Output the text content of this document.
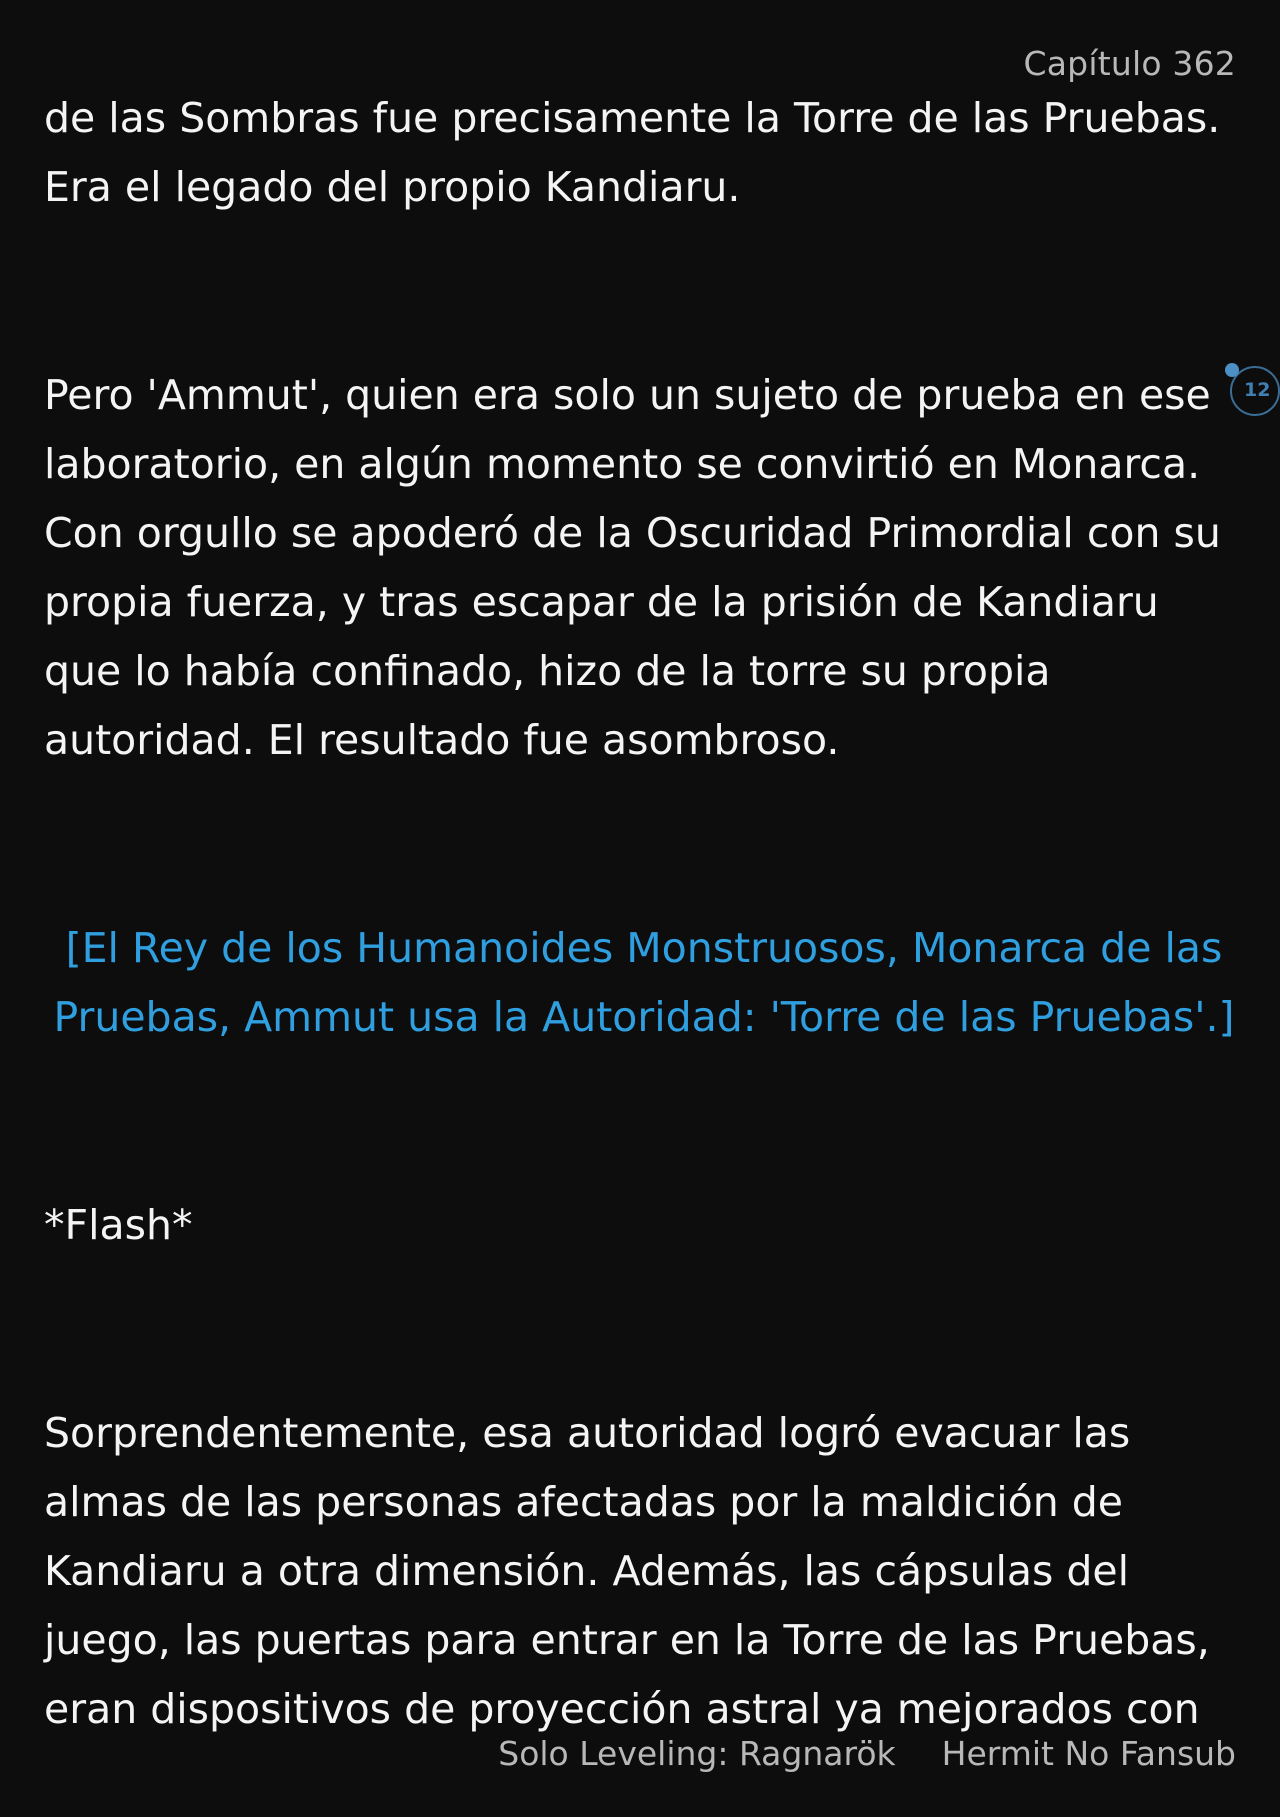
Capítulo 362

de las Sombras fue precisamente la Torre de las Pruebas. Era el legado del propio Kandiaru.

Pero 'Ammut', quien era solo un sujeto de prueba en ese laboratorio, en algún momento se convirtió en Monarca. Con orgullo se apoderó de la Oscuridad Primordial con su propia fuerza, y tras escapar de la prisión de Kandiaru que lo había confinado, hizo de la torre su propia autoridad. El resultado fue asombroso.

[El Rey de los Humanoides Monstruosos, Monarca de las Pruebas, Ammut usa la Autoridad: 'Torre de las Pruebas'.]

*Flash*

Sorprendentemente, esa autoridad logró evacuar las almas de las personas afectadas por la maldición de Kandiaru a otra dimensión. Además, las cápsulas del juego, las puertas para entrar en la Torre de las Pruebas, eran dispositivos de proyección astral ya mejorados con

12
Solo Leveling: Ragnarök Hermit No Fansub
